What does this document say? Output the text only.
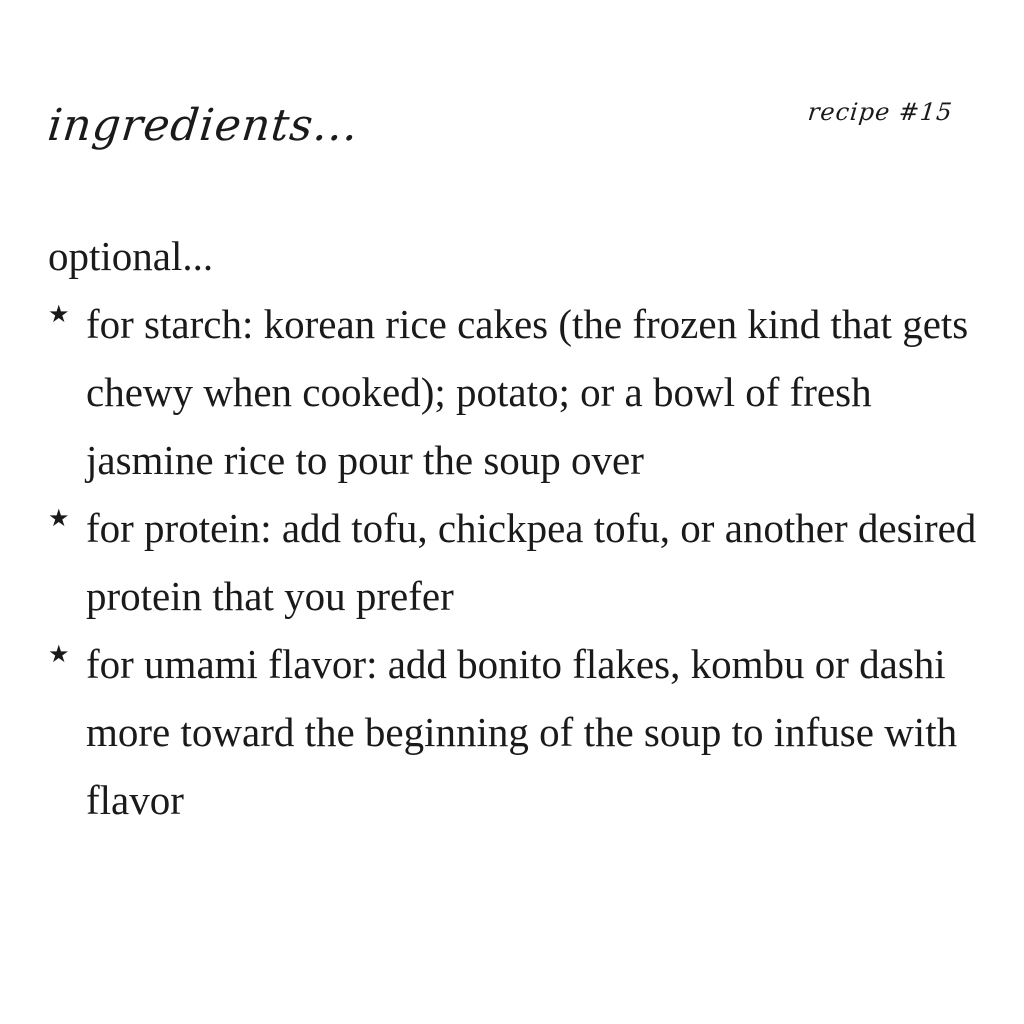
ingredients...	recipe #15
optional...
★ for starch: korean rice cakes (the frozen kind that gets chewy when cooked); potato; or a bowl of fresh jasmine rice to pour the soup over
★ for protein: add tofu, chickpea tofu, or another desired protein that you prefer
★ for umami flavor: add bonito flakes, kombu or dashi more toward the beginning of the soup to infuse with flavor
